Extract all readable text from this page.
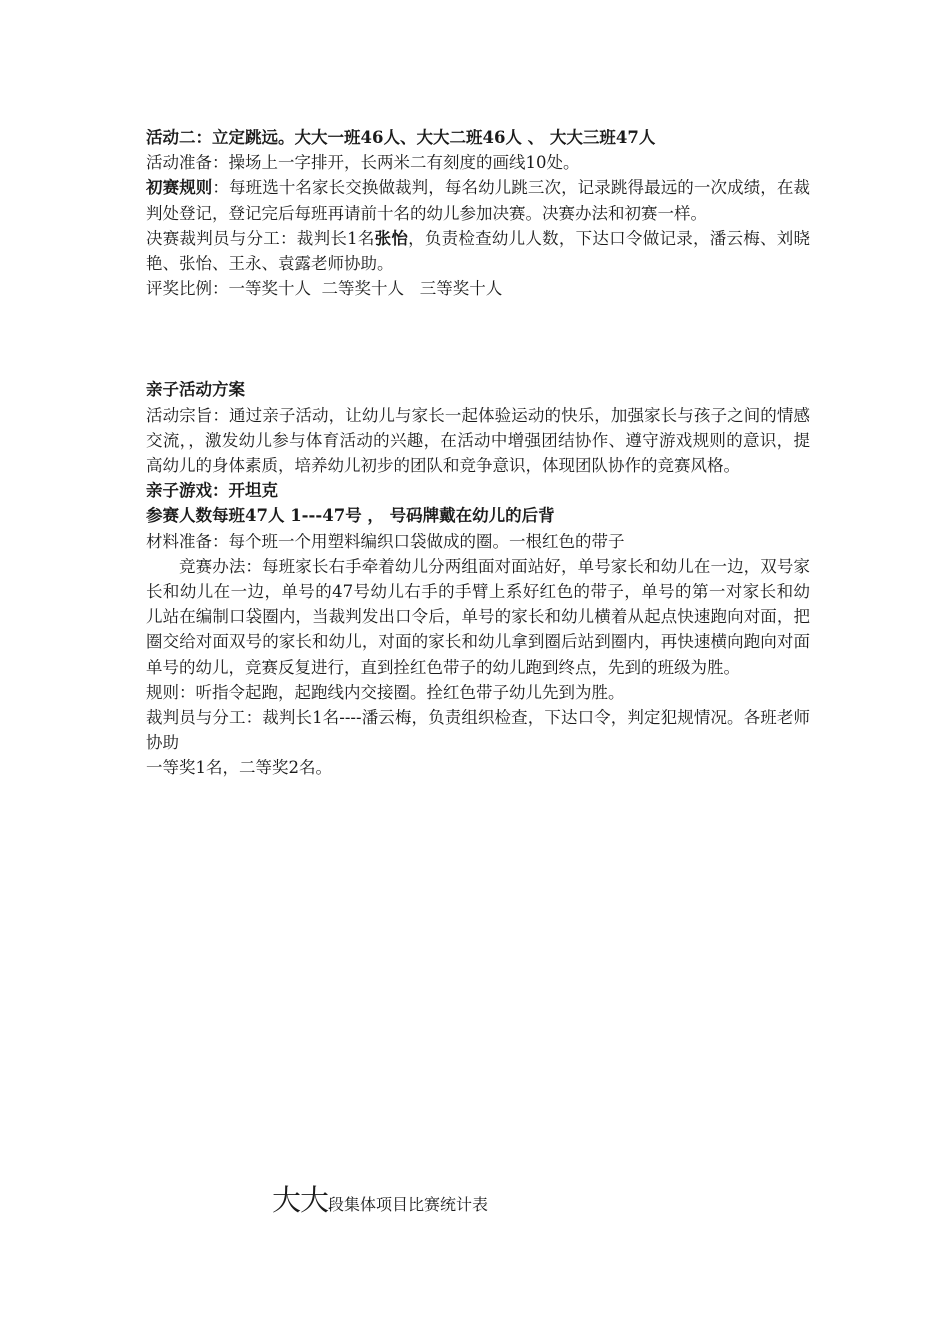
活动二：立定跳远。大大一班46人、大大二班46人 、 大大三班47人

活动准备：操场上一字排开，长两米二有刻度的画线10处。

初赛规则：每班选十名家长交换做裁判，每名幼儿跳三次，记录跳得最远的一次成绩，在裁判处登记，登记完后每班再请前十名的幼儿参加决赛。决赛办法和初赛一样。

决赛裁判员与分工：裁判长1名张怡，负责检查幼儿人数，下达口令做记录，潘云梅、刘晓艳、张怡、王永、袁露老师协助。

评奖比例：一等奖十人  二等奖十人   三等奖十人

亲子活动方案

活动宗旨：通过亲子活动，让幼儿与家长一起体验运动的快乐，加强家长与孩子之间的情感交流，，激发幼儿参与体育活动的兴趣，在活动中增强团结协作、遵守游戏规则的意识，提高幼儿的身体素质，培养幼儿初步的团队和竞争意识，体现团队协作的竞赛风格。

亲子游戏：开坦克

参赛人数每班47人 1---47号 ， 号码牌戴在幼儿的后背

材料准备：每个班一个用塑料编织口袋做成的圈。一根红色的带子

竞赛办法：每班家长右手牵着幼儿分两组面对面站好，单号家长和幼儿在一边，双号家长和幼儿在一边，单号的47号幼儿右手的手臂上系好红色的带子，单号的第一对家长和幼儿站在编制口袋圈内，当裁判发出口令后，单号的家长和幼儿横着从起点快速跑向对面，把圈交给对面双号的家长和幼儿，对面的家长和幼儿拿到圈后站到圈内，再快速横向跑向对面单号的幼儿，竞赛反复进行，直到拴红色带子的幼儿跑到终点，先到的班级为胜。

规则：听指令起跑，起跑线内交接圈。拴红色带子幼儿先到为胜。

裁判员与分工：裁判长1名----潘云梅，负责组织检查，下达口令，判定犯规情况。各班老师协助

一等奖1名，二等奖2名。

大大段集体项目比赛统计表
